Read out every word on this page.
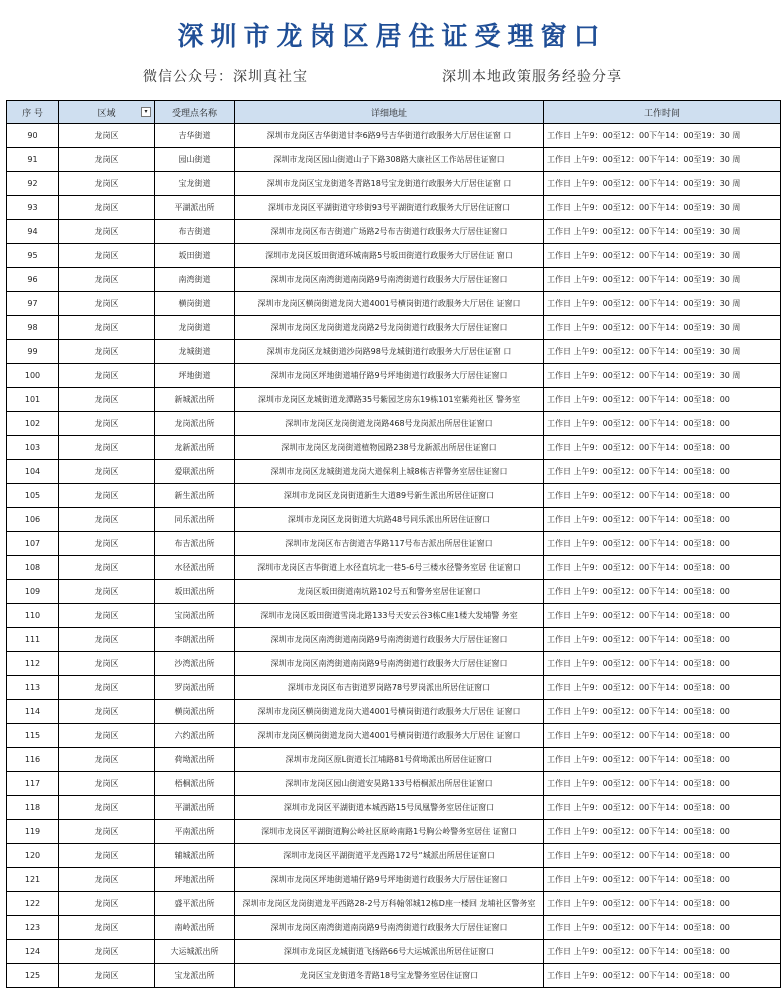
深圳市龙岗区居住证受理窗口
微信公众号：深圳真社宝	深圳本地政策服务经验分享
序 号	区域 ▾	受理点名称	详细地址	工作时间
90	龙岗区	吉华街道	深圳市龙岗区吉华街道甘李6路9号吉华街道行政服务大厅居住证窗 口	工作日 上午9：00至12：00下午14：00至19：30 周
91	龙岗区	园山街道	深圳市龙岗区园山街道山子下路308路大康社区工作站居住证窗口	工作日 上午9：00至12：00下午14：00至19：30 周
92	龙岗区	宝龙街道	深圳市龙岗区宝龙街道冬青路18号宝龙街道行政服务大厅居住证窗 口	工作日 上午9：00至12：00下午14：00至19：30 周
93	龙岗区	平湖派出所	深圳市龙岗区平湖街道守珍街93号平湖街道行政服务大厅居住证窗口	工作日 上午9：00至12：00下午14：00至19：30 周
94	龙岗区	布吉街道	深圳市龙岗区布吉街道广场路2号布吉街道行政服务大厅居住证窗口	工作日 上午9：00至12：00下午14：00至19：30 周
95	龙岗区	坂田街道	深圳市龙岗区坂田街道环城南路5号坂田街道行政服务大厅居住证 窗口	工作日 上午9：00至12：00下午14：00至19：30 周
96	龙岗区	南湾街道	深圳市龙岗区南湾街道南岗路9号南湾街道行政服务大厅居住证窗口	工作日 上午9：00至12：00下午14：00至19：30 周
97	龙岗区	横岗街道	深圳市龙岗区横岗街道龙岗大道4001号横岗街道行政服务大厅居住 证窗口	工作日 上午9：00至12：00下午14：00至19：30 周
98	龙岗区	龙岗街道	深圳市龙岗区龙岗街道龙岗路2号龙岗街道行政服务大厅居住证窗口	工作日 上午9：00至12：00下午14：00至19：30 周
99	龙岗区	龙城街道	深圳市龙岗区龙城街道沙岗路98号龙城街道行政服务大厅居住证窗 口	工作日 上午9：00至12：00下午14：00至19：30 周
100	龙岗区	坪地街道	深圳市龙岗区坪地街道埔仔路9号坪地街道行政服务大厅居住证窗口	工作日 上午9：00至12：00下午14：00至19：30 周
101	龙岗区	新城派出所	深圳市龙岗区龙城街道龙潭路35号紫园芝房东19栋101室紫苑社区 警务室	工作日 上午9：00至12：00下午14：00至18：00
102	龙岗区	龙岗派出所	深圳市龙岗区龙岗街道龙岗路468号龙岗派出所居住证窗口	工作日 上午9：00至12：00下午14：00至18：00
103	龙岗区	龙新派出所	深圳市龙岗区龙岗街道植物园路238号龙新派出所居住证窗口	工作日 上午9：00至12：00下午14：00至18：00
104	龙岗区	爱联派出所	深圳市龙岗区龙城街道龙岗大道保利上城8栋吉祥警务室居住证窗口	工作日 上午9：00至12：00下午14：00至18：00
105	龙岗区	新生派出所	深圳市龙岗区龙岗街道新生大道89号新生派出所居住证窗口	工作日 上午9：00至12：00下午14：00至18：00
106	龙岗区	同乐派出所	深圳市龙岗区龙岗街道大坑路48号同乐派出所居住证窗口	工作日 上午9：00至12：00下午14：00至18：00
107	龙岗区	布吉派出所	深圳市龙岗区布吉街道吉华路117号布吉派出所居住证窗口	工作日 上午9：00至12：00下午14：00至18：00
108	龙岗区	水径派出所	深圳市龙岗区吉华街道上水径直坑北一巷5-6号三楼水径警务室居 住证窗口	工作日 上午9：00至12：00下午14：00至18：00
109	龙岗区	坂田派出所	龙岗区坂田街道南坑路102号五和警务室居住证窗口	工作日 上午9：00至12：00下午14：00至18：00
110	龙岗区	宝岗派出所	深圳市龙岗区坂田街道雪岗北路133号天安云谷3栋C座1楼大发埔警 务室	工作日 上午9：00至12：00下午14：00至18：00
111	龙岗区	李朗派出所	深圳市龙岗区南湾街道南岗路9号南湾街道行政服务大厅居住证窗口	工作日 上午9：00至12：00下午14：00至18：00
112	龙岗区	沙湾派出所	深圳市龙岗区南湾街道南岗路9号南湾街道行政服务大厅居住证窗口	工作日 上午9：00至12：00下午14：00至18：00
113	龙岗区	罗岗派出所	深圳市龙岗区布吉街道罗岗路78号罗岗派出所居住证窗口	工作日 上午9：00至12：00下午14：00至18：00
114	龙岗区	横岗派出所	深圳市龙岗区横岗街道龙岗大道4001号横岗街道行政服务大厅居住 证窗口	工作日 上午9：00至12：00下午14：00至18：00
115	龙岗区	六约派出所	深圳市龙岗区横岗街道龙岗大道4001号横岗街道行政服务大厅居住 证窗口	工作日 上午9：00至12：00下午14：00至18：00
116	龙岗区	荷坳派出所	深圳市龙岗区原L街道长江埔路81号荷坳派出所居住证窗口	工作日 上午9：00至12：00下午14：00至18：00
117	龙岗区	梧桐派出所	深圳市龙岗区园山街道安昊路133号梧桐派出所居住证窗口	工作日 上午9：00至12：00下午14：00至18：00
118	龙岗区	平湖派出所	深圳市龙岗区平湖街道本城西路15号凤凰警务室居住证窗口	工作日 上午9：00至12：00下午14：00至18：00
119	龙岗区	平南派出所	深圳市龙岗区平湖街道胸公岭社区原岭南路1号胸公岭警务室居住 证窗口	工作日 上午9：00至12：00下午14：00至18：00
120	龙岗区	辅城派出所	深圳市龙岗区平湖街道平龙西路172号“城派出所居住证窗口	工作日 上午9：00至12：00下午14：00至18：00
121	龙岗区	坪地派出所	深圳市龙岗区坪地街道埔仔路9号坪地街道行政服务大厅居住证窗口	工作日 上午9：00至12：00下午14：00至18：00
122	龙岗区	盛平派出所	深圳市龙岗区龙岗街道龙平西路28-2号万科翰邻城12栋D座一楼回 龙埔社区警务室	工作日 上午9：00至12：00下午14：00至18：00
123	龙岗区	南岭派出所	深圳市龙岗区南湾街道南岗路9号南湾街道行政服务大厅居住证窗口	工作日 上午9：00至12：00下午14：00至18：00
124	龙岗区	大运城派出所	深圳市龙岗区龙城街道飞扬路66号大运城派出所居住证窗口	工作日 上午9：00至12：00下午14：00至18：00
125	龙岗区	宝龙派出所	龙岗区宝龙街道冬青路18号宝龙警务室居住证窗口	工作日 上午9：00至12：00下午14：00至18：00
